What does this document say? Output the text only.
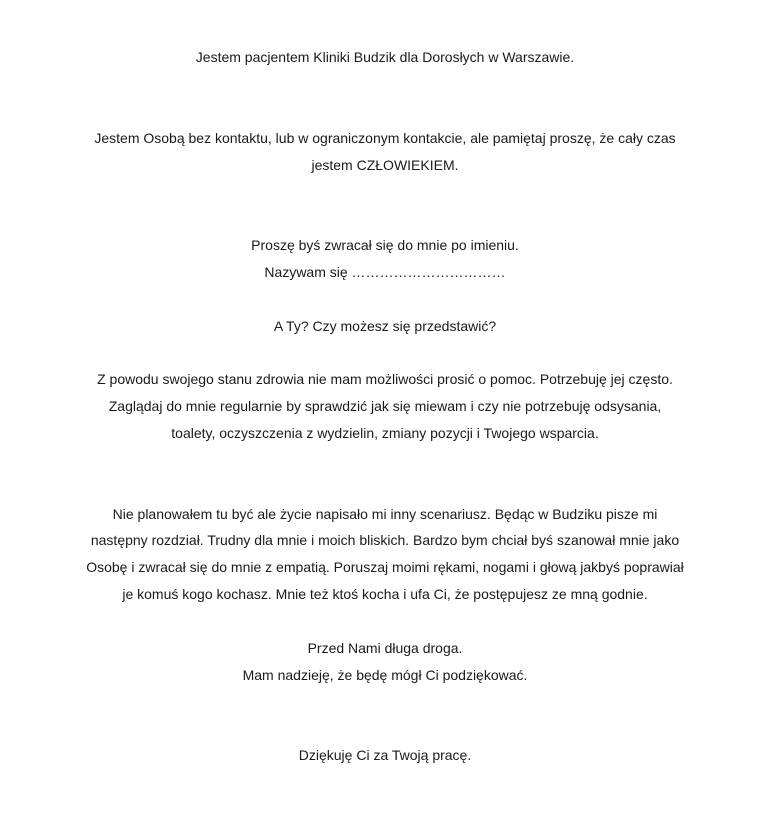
Jestem pacjentem Kliniki Budzik dla Dorosłych w Warszawie.
Jestem Osobą bez kontaktu, lub w ograniczonym kontakcie, ale pamiętaj proszę, że cały czas
jestem CZŁOWIEKIEM.
Proszę byś zwracał się do mnie po imieniu.
Nazywam się ……………………………
A Ty? Czy możesz się przedstawić?
Z powodu swojego stanu zdrowia nie mam możliwości prosić o pomoc. Potrzebuję jej często.
Zaglądaj do mnie regularnie by sprawdzić jak się miewam i czy nie potrzebuję odsysania,
toalety, oczyszczenia z wydzielin, zmiany pozycji i Twojego wsparcia.
Nie planowałem tu być ale życie napisało mi inny scenariusz. Będąc w Budziku pisze mi
następny rozdział. Trudny dla mnie i moich bliskich. Bardzo bym chciał byś szanował mnie jako
Osobę i zwracał się do mnie z empatią. Poruszaj moimi rękami, nogami i głową jakbyś poprawiał
je komuś kogo kochasz. Mnie też ktoś kocha i ufa Ci, że postępujesz ze mną godnie.
Przed Nami długa droga.
Mam nadzieję, że będę mógł Ci podziękować.
Dziękuję Ci za Twoją pracę.
